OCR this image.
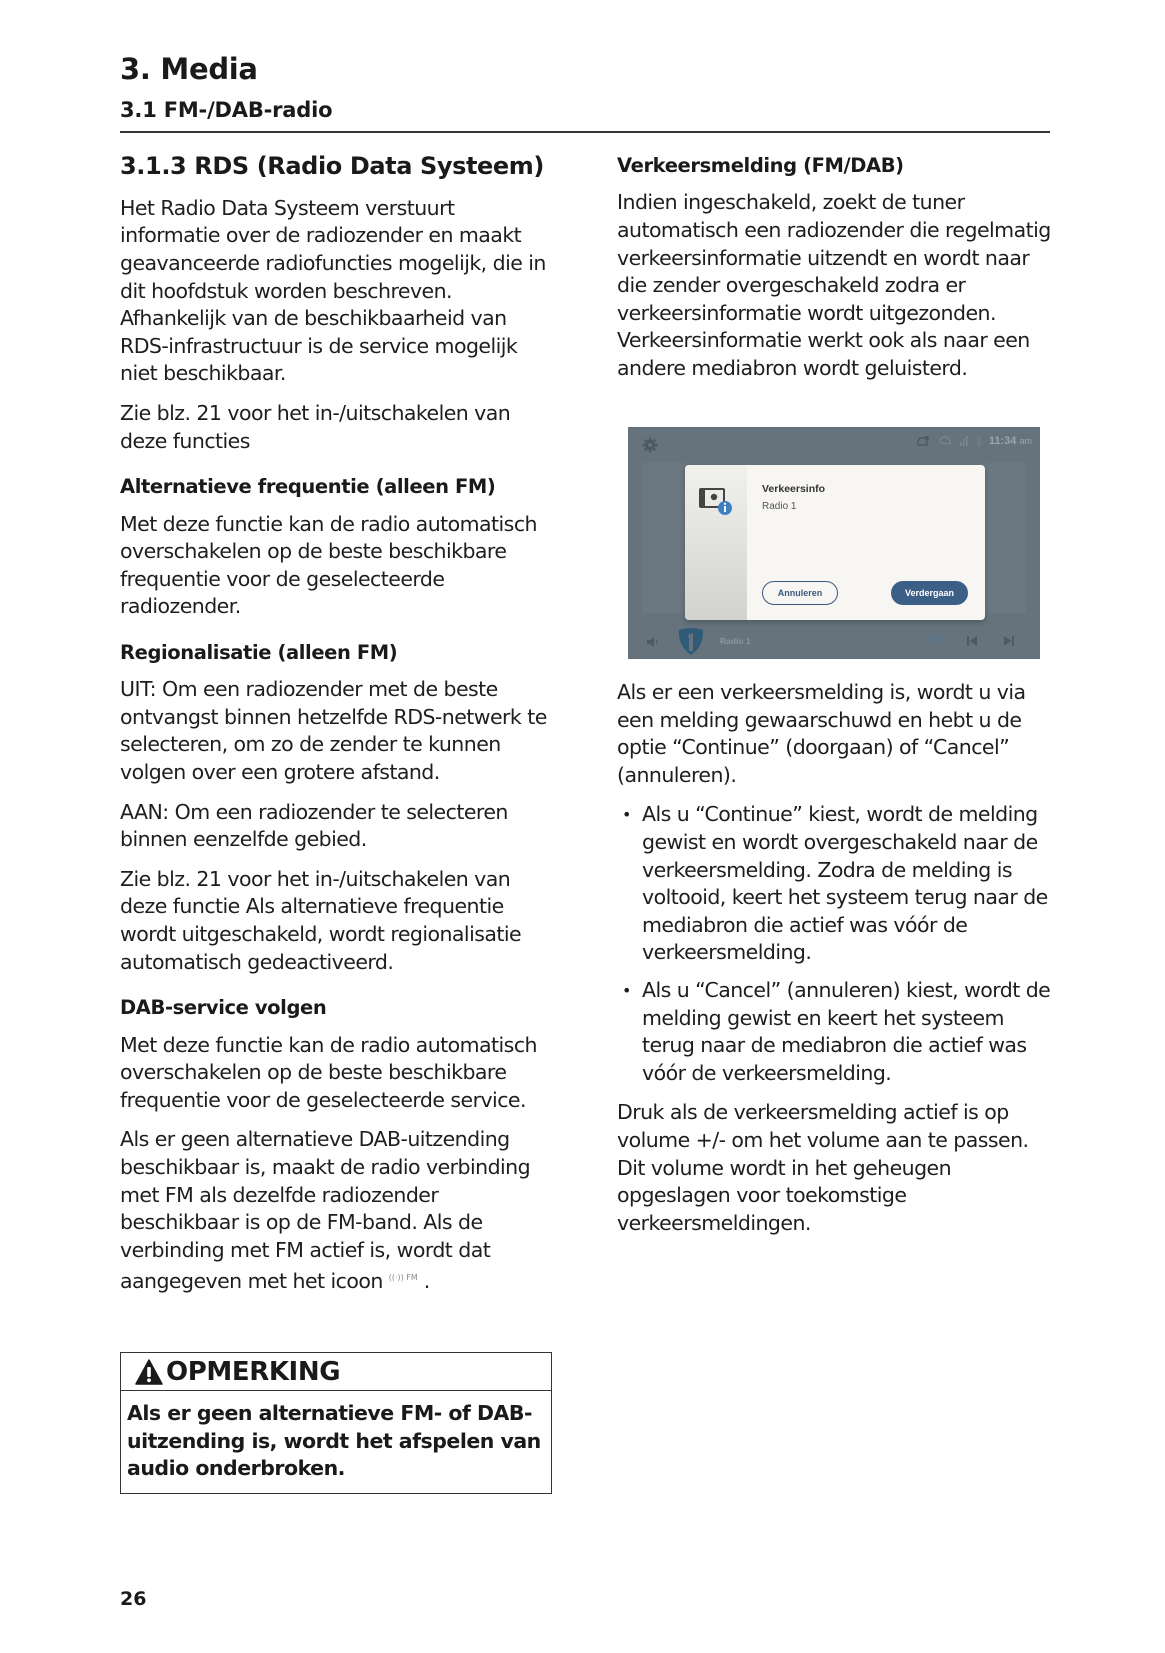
3. Media
3.1 FM-/DAB-radio
3.1.3 RDS (Radio Data Systeem)

Het Radio Data Systeem verstuurt informatie over de radiozender en maakt geavanceerde radiofuncties mogelijk, die in dit hoofdstuk worden beschreven. Afhankelijk van de beschikbaarheid van RDS-infrastructuur is de service mogelijk niet beschikbaar.

Zie blz. 21 voor het in-/uitschakelen van deze functies

Alternatieve frequentie (alleen FM)

Met deze functie kan de radio automatisch overschakelen op de beste beschikbare frequentie voor de geselecteerde radiozender.

Regionalisatie (alleen FM)

UIT: Om een radiozender met de beste ontvangst binnen hetzelfde RDS-netwerk te selecteren, om zo de zender te kunnen volgen over een grotere afstand.

AAN: Om een radiozender te selecteren binnen eenzelfde gebied.

Zie blz. 21 voor het in-/uitschakelen van deze functie Als alternatieve frequentie wordt uitgeschakeld, wordt regionalisatie automatisch gedeactiveerd.

DAB-service volgen

Met deze functie kan de radio automatisch overschakelen op de beste beschikbare frequentie voor de geselecteerde service.

Als er geen alternatieve DAB-uitzending beschikbaar is, maakt de radio verbinding met FM als dezelfde radiozender beschikbaar is op de FM-band. Als de verbinding met FM actief is, wordt dat aangegeven met het icoon ((·)) FM .

OPMERKING
Als er geen alternatieve FM- of DAB-uitzending is, wordt het afspelen van audio onderbroken.
Verkeersmelding (FM/DAB)

Indien ingeschakeld, zoekt de tuner automatisch een radiozender die regelmatig verkeersinformatie uitzendt en wordt naar die zender overgeschakeld zodra er verkeersinformatie wordt uitgezonden. Verkeersinformatie werkt ook als naar een andere mediabron wordt geluisterd.

11:34 am
Verkeersinfo
Radio 1
Annuleren	Verdergaan
Radio 1

Als er een verkeersmelding is, wordt u via een melding gewaarschuwd en hebt u de optie “Continue” (doorgaan) of “Cancel” (annuleren).

• Als u “Continue” kiest, wordt de melding gewist en wordt overgeschakeld naar de verkeersmelding. Zodra de melding is voltooid, keert het systeem terug naar de mediabron die actief was vóór de verkeersmelding.
• Als u “Cancel” (annuleren) kiest, wordt de melding gewist en keert het systeem terug naar de mediabron die actief was vóór de verkeersmelding.

Druk als de verkeersmelding actief is op volume +/- om het volume aan te passen. Dit volume wordt in het geheugen opgeslagen voor toekomstige verkeersmeldingen.

26
